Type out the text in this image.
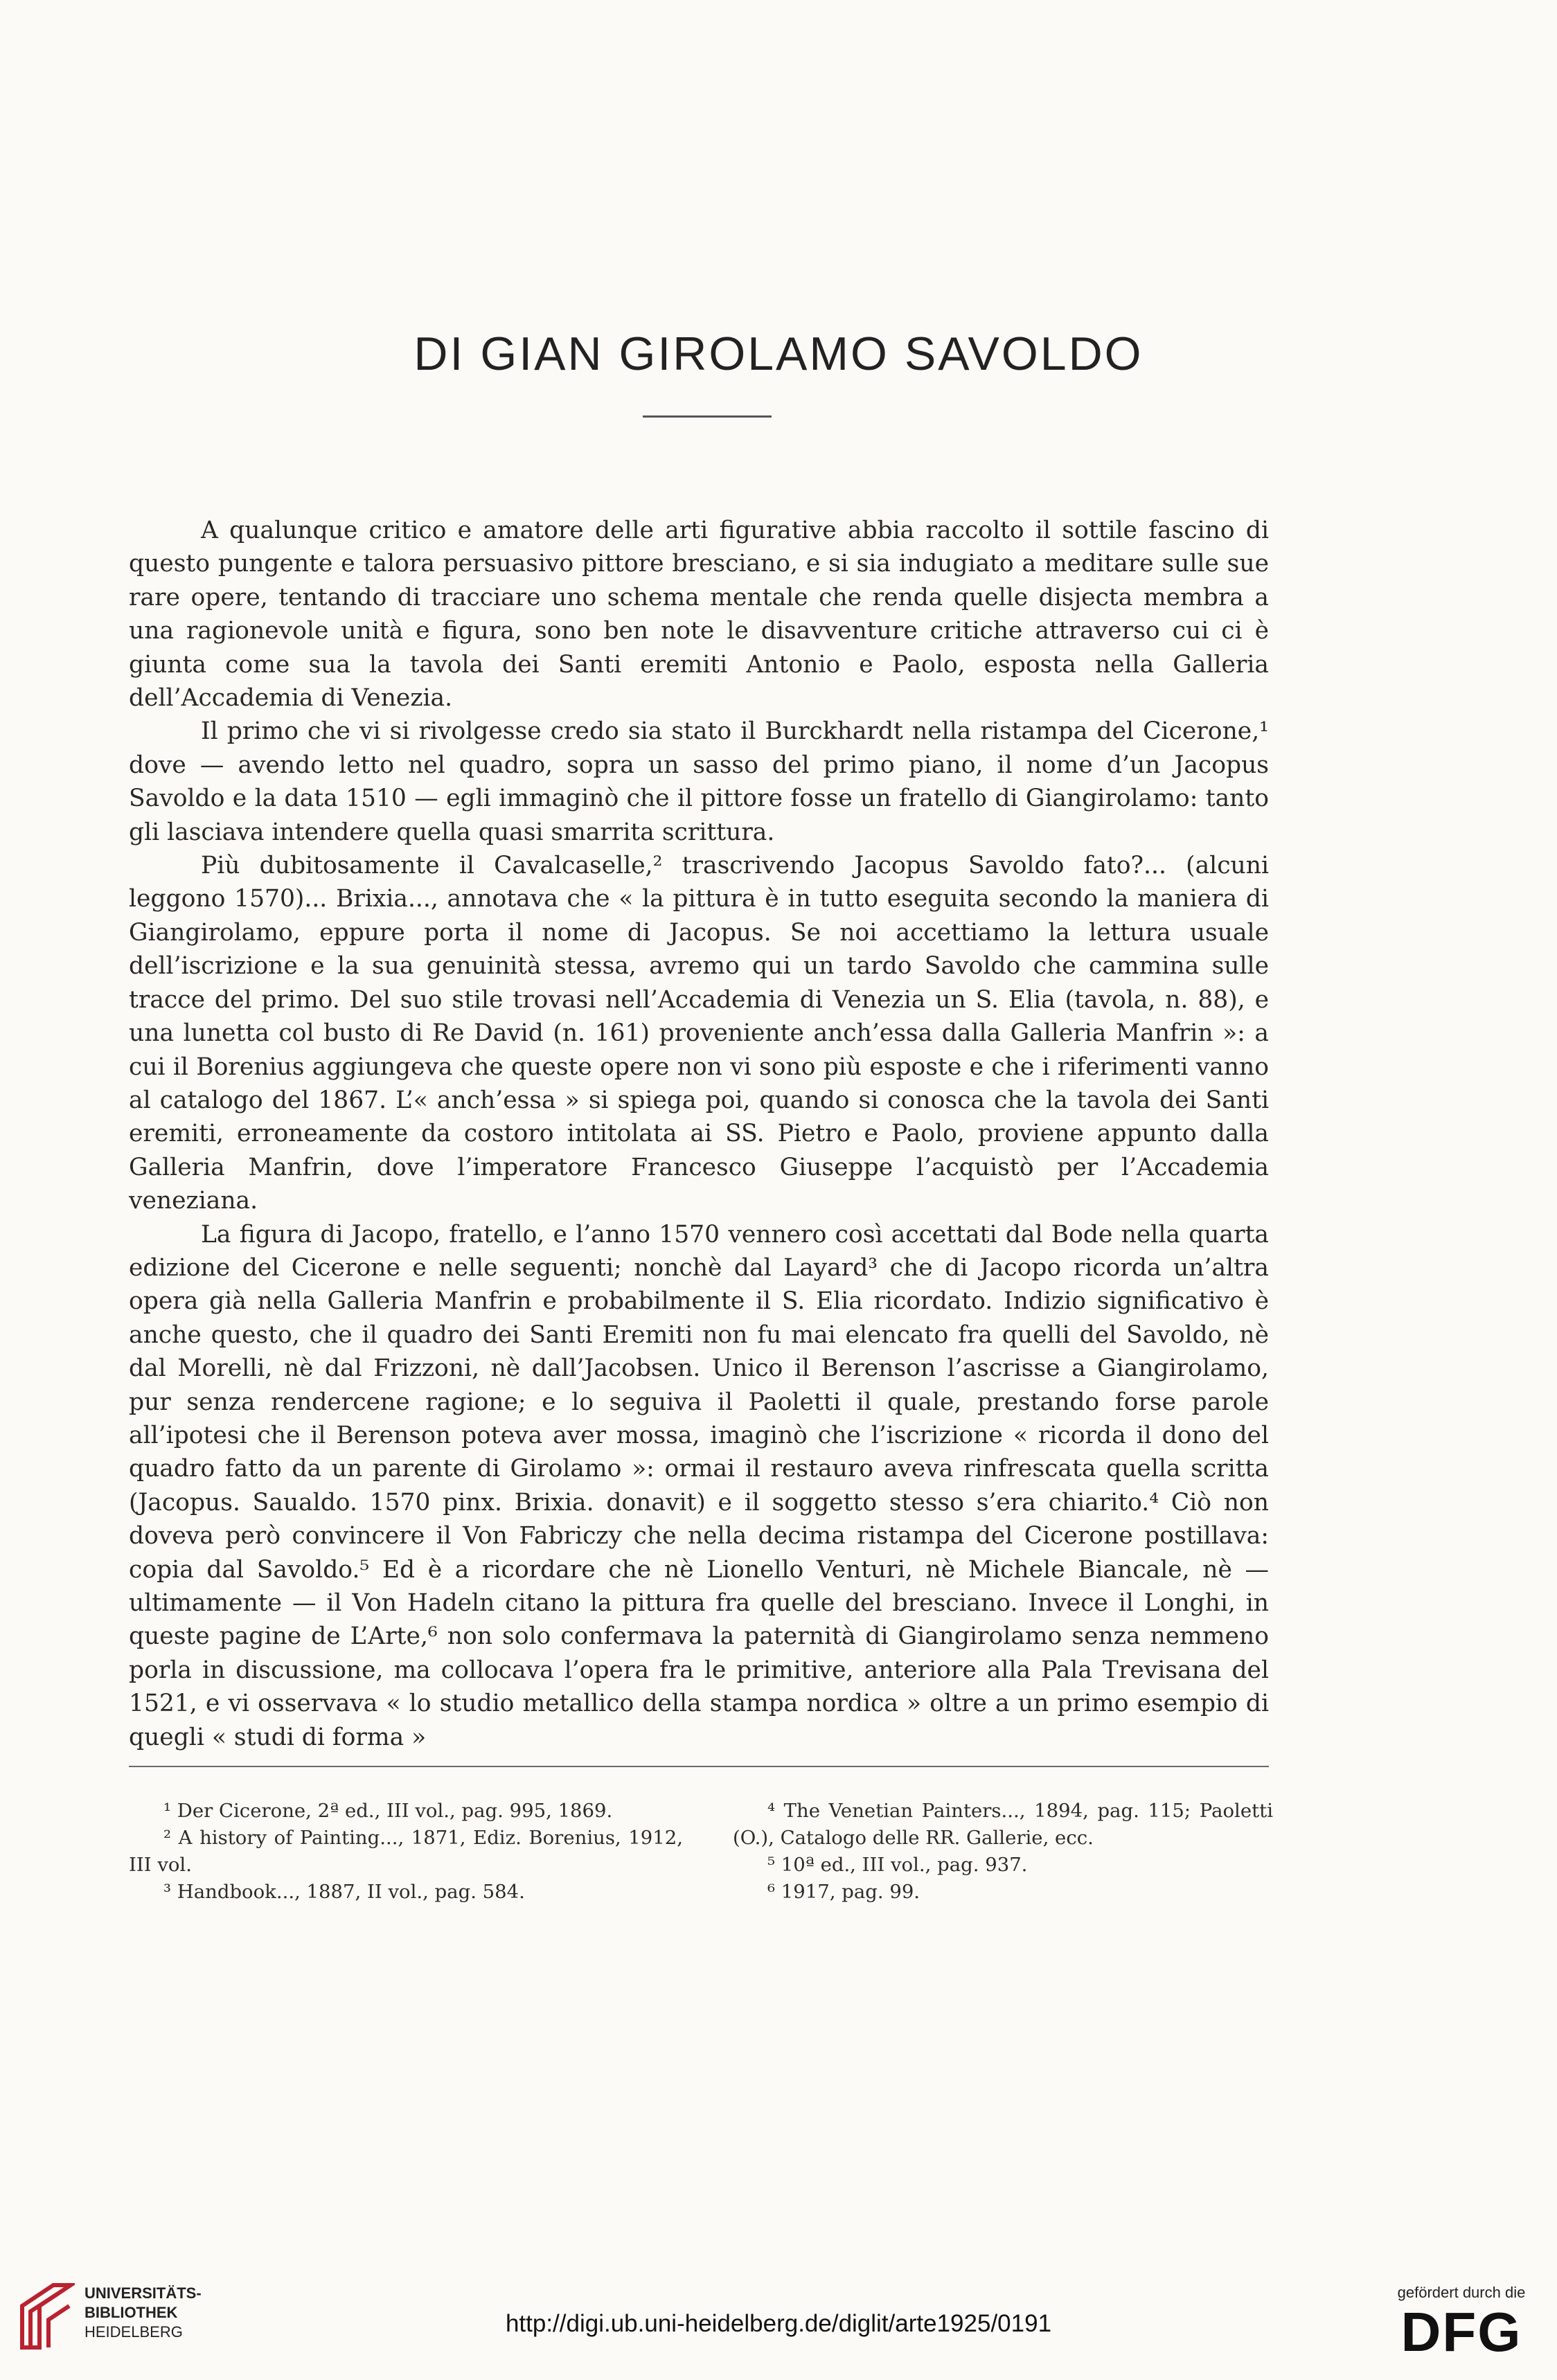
DI GIAN GIROLAMO SAVOLDO

A qualunque critico e amatore delle arti figurative abbia raccolto il sottile fascino di questo pungente e talora persuasivo pittore bresciano, e si sia indugiato a meditare sulle sue rare opere, tentando di tracciare uno schema mentale che renda quelle disjecta membra a una ragionevole unità e figura, sono ben note le disavventure critiche attraverso cui ci è giunta come sua la tavola dei Santi eremiti Antonio e Paolo, esposta nella Galleria dell’Accademia di Venezia.

Il primo che vi si rivolgesse credo sia stato il Burckhardt nella ristampa del Cicerone,¹ dove — avendo letto nel quadro, sopra un sasso del primo piano, il nome d’un Jacopus Savoldo e la data 1510 — egli immaginò che il pittore fosse un fratello di Giangirolamo: tanto gli lasciava intendere quella quasi smarrita scrittura.

Più dubitosamente il Cavalcaselle,² trascrivendo Jacopus Savoldo fato?... (alcuni leggono 1570)... Brixia..., annotava che « la pittura è in tutto eseguita secondo la maniera di Giangirolamo, eppure porta il nome di Jacopus. Se noi accettiamo la lettura usuale dell’iscrizione e la sua genuinità stessa, avremo qui un tardo Savoldo che cammina sulle tracce del primo. Del suo stile trovasi nell’Accademia di Venezia un S. Elia (tavola, n. 88), e una lunetta col busto di Re David (n. 161) proveniente anch’essa dalla Galleria Manfrin »: a cui il Borenius aggiungeva che queste opere non vi sono più esposte e che i riferimenti vanno al catalogo del 1867. L’« anch’essa » si spiega poi, quando si conosca che la tavola dei Santi eremiti, erroneamente da costoro intitolata ai SS. Pietro e Paolo, proviene appunto dalla Galleria Manfrin, dove l’imperatore Francesco Giuseppe l’acquistò per l’Accademia veneziana.

La figura di Jacopo, fratello, e l’anno 1570 vennero così accettati dal Bode nella quarta edizione del Cicerone e nelle seguenti; nonchè dal Layard³ che di Jacopo ricorda un’altra opera già nella Galleria Manfrin e probabilmente il S. Elia ricordato. Indizio significativo è anche questo, che il quadro dei Santi Eremiti non fu mai elencato fra quelli del Savoldo, nè dal Morelli, nè dal Frizzoni, nè dall’Jacobsen. Unico il Berenson l’ascrisse a Giangirolamo, pur senza rendercene ragione; e lo seguiva il Paoletti il quale, prestando forse parole all’ipotesi che il Berenson poteva aver mossa, imaginò che l’iscrizione « ricorda il dono del quadro fatto da un parente di Girolamo »: ormai il restauro aveva rinfrescata quella scritta (Jacopus. Saualdo. 1570 pinx. Brixia. donavit) e il soggetto stesso s’era chiarito.⁴ Ciò non doveva però convincere il Von Fabriczy che nella decima ristampa del Cicerone postillava: copia dal Savoldo.⁵ Ed è a ricordare che nè Lionello Venturi, nè Michele Biancale, nè — ultimamente — il Von Hadeln citano la pittura fra quelle del bresciano. Invece il Longhi, in queste pagine de L’Arte,⁶ non solo confermava la paternità di Giangirolamo senza nemmeno porla in discussione, ma collocava l’opera fra le primitive, anteriore alla Pala Trevisana del 1521, e vi osservava « lo studio metallico della stampa nordica » oltre a un primo esempio di quegli « studi di forma »

¹ Der Cicerone, 2ª ed., III vol., pag. 995, 1869.

² A history of Painting..., 1871, Ediz. Borenius, 1912, III vol.

³ Handbook..., 1887, II vol., pag. 584.

⁴ The Venetian Painters..., 1894, pag. 115; Paoletti (O.), Catalogo delle RR. Gallerie, ecc.

⁵ 10ª ed., III vol., pag. 937.

⁶ 1917, pag. 99.

UNIVERSITÄTS-
BIBLIOTHEK
HEIDELBERG	http://digi.ub.uni-heidelberg.de/diglit/arte1925/0191
gefördert durch die
DFG
